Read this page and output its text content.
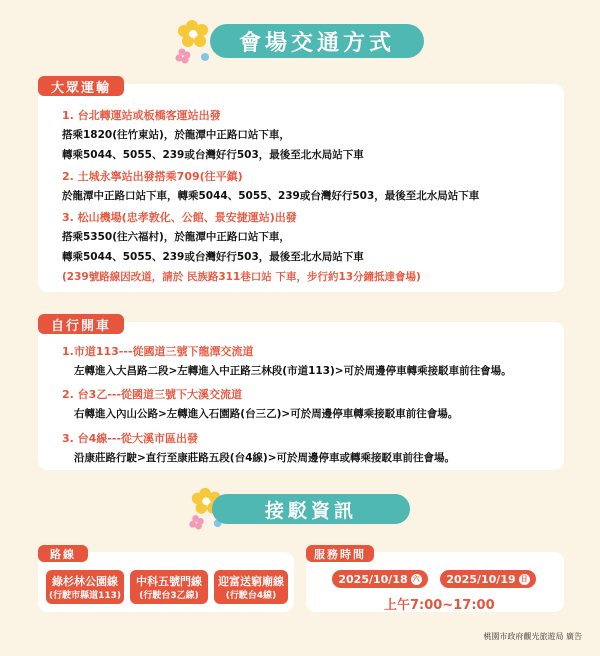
會場交通方式
大眾運輸
1. 台北轉運站或板橋客運站出發
搭乘1820(往竹東站)，於龍潭中正路口站下車，
轉乘5044、5055、239或台灣好行503，最後至北水局站下車
2. 土城永寧站出發搭乘709(往平鎮)
於龍潭中正路口站下車，轉乘5044、5055、239或台灣好行503，最後至北水局站下車
3. 松山機場(忠孝敦化、公館、景安捷運站)出發
搭乘5350(往六福村)，於龍潭中正路口站下車，
轉乘5044、5055、239或台灣好行503，最後至北水局站下車
(239號路線因改道，請於 民族路311巷口站 下車，步行約13分鐘抵達會場)
自行開車
1.市道113---從國道三號下龍潭交流道
左轉進入大昌路二段>左轉進入中正路三林段(市道113)>可於周邊停車轉乘接駁車前往會場。
2. 台3乙---從國道三號下大溪交流道
右轉進入內山公路>左轉進入石園路(台三乙)>可於周邊停車轉乘接駁車前往會場。
3. 台4線---從大溪市區出發
沿康莊路行駛>直行至康莊路五段(台4線)>可於周邊停車或轉乘接駁車前往會場。
接駁資訊
路線
綠杉林公園線
(行駛市縣道113)
中科五號門線
(行駛台3乙線)
迎富送窮廟線
(行駛台4線)
服務時間
2025/10/18 六 2025/10/19 日
上午7:00~17:00
桃園市政府觀光旅遊局 廣告
